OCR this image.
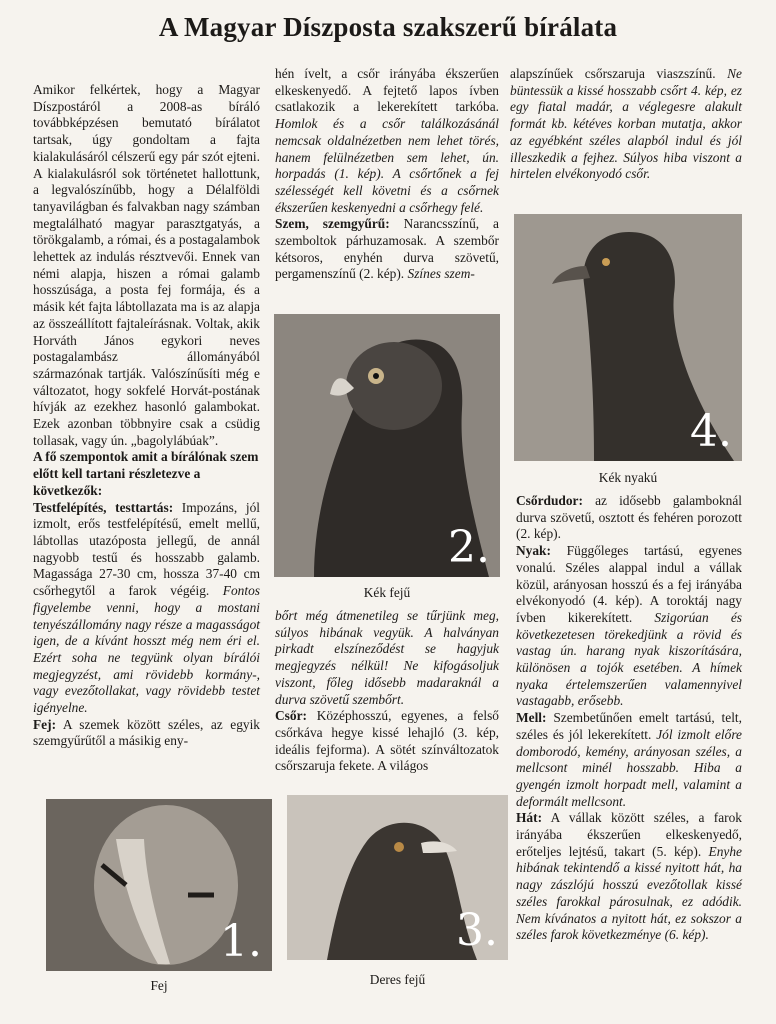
A Magyar Díszposta szakszerű bírálata

Amikor felkértek, hogy a Magyar Díszpostáról a 2008-as bíráló továbbképzésen bemutató bírálatot tartsak, úgy gondoltam a fajta kialakulásáról célszerű egy pár szót ejteni. A kialakulásról sok történetet hallottunk, a legvalószínűbb, hogy a Délalföldi tanyavilágban és falvakban nagy számban megtalálható magyar parasztgatyás, a törökgalamb, a római, és a postagalambok lehettek az indulás résztvevői. Ennek van némi alapja, hiszen a római galamb hosszúsága, a posta fej formája, és a másik két fajta lábtollazata ma is az alapja az összeállított fajtaleírásnak. Voltak, akik Horváth János egykori neves postagalambász állományából származónak tartják. Valószínűsíti még e változatot, hogy sokfelé Horvát-postának hívják az ezekhez hasonló galambokat. Ezek azonban többnyire csak a csüdig tollasak, vagy ún. „bagolylábúak”.

A fő szempontok amit a bírálónak szem előtt kell tartani részletezve a következők:

Testfelépítés, testtartás: Impozáns, jól izmolt, erős testfelépítésű, emelt mellű, lábtollas utazóposta jellegű, de annál nagyobb testű és hosszabb galamb. Magassága 27-30 cm, hossza 37-40 cm csőrhegytől a farok végéig. Fontos figyelembe venni, hogy a mostani tenyészállomány nagy része a magasságot igen, de a kívánt hosszt még nem éri el. Ezért soha ne tegyünk olyan bírálói megjegyzést, ami rövidebb kormány-, vagy evezőtollakat, vagy rövidebb testet igényelne.

Fej: A szemek között széles, az egyik szemgyűrűtől a másikig eny-

hén ívelt, a csőr irányába ékszerűen elkeskenyedő. A fejtető lapos ívben csatlakozik a lekerekített tarkóba. Homlok és a csőr találkozásánál nemcsak oldalnézetben nem lehet törés, hanem felülnézetben sem lehet, ún. horpadás (1. kép). A csőrtőnek a fej szélességét kell követni és a csőrnek ékszerűen keskenyedni a csőrhegy felé.

Szem, szemgyűrű: Narancsszínű, a szemboltok párhuzamosak. A szembőr kétsoros, enyhén durva szövetű, pergamenszínű (2. kép). Színes szem-

2.
Kék fejű

bőrt még átmenetileg se tűrjünk meg, súlyos hibának vegyük. A halványan pirkadt elszíneződést se hagyjuk megjegyzés nélkül! Ne kifogásoljuk viszont, főleg idősebb madaraknál a durva szövetű szembőrt.

Csőr: Középhosszú, egyenes, a felső csőrkáva hegye kissé lehajló (3. kép, ideális fejforma). A sötét színváltozatok csőrszaruja fekete. A világos

alapszínűek csőrszaruja viaszszínű. Ne büntessük a kissé hosszabb csőrt 4. kép, ez egy fiatal madár, a véglegesre alakult formát kb. kétéves korban mutatja, akkor az egyébként széles alapból indul és jól illeszkedik a fejhez. Súlyos hiba viszont a hirtelen elvékonyodó csőr.

4.
Kék nyakú

Csőrdudor: az idősebb galamboknál durva szövetű, osztott és fehéren porozott (2. kép).

Nyak: Függőleges tartású, egyenes vonalú. Széles alappal indul a vállak közül, arányosan hosszú és a fej irányába elvékonyodó (4. kép). A toroktáj nagy ívben kikerekített. Szigorúan és következetesen törekedjünk a rövid és vastag ún. harang nyak kiszorítására, különösen a tojók esetében. A hímek nyaka értelemszerűen valamennyivel vastagabb, erősebb.

Mell: Szembetűnően emelt tartású, telt, széles és jól lekerekített. Jól izmolt előre domborodó, kemény, arányosan széles, a mellcsont minél hosszabb. Hiba a gyengén izmolt horpadt mell, valamint a deformált mellcsont.

Hát: A vállak között széles, a farok irányába ékszerűen elkeskenyedő, erőteljes lejtésű, takart (5. kép). Enyhe hibának tekintendő a kissé nyitott hát, ha nagy zászlójú hosszú evezőtollak kissé széles farokkal párosulnak, ez adódik. Nem kívánatos a nyitott hát, ez sokszor a széles farok következménye (6. kép).

1.
Fej
3.
Deres fejű
